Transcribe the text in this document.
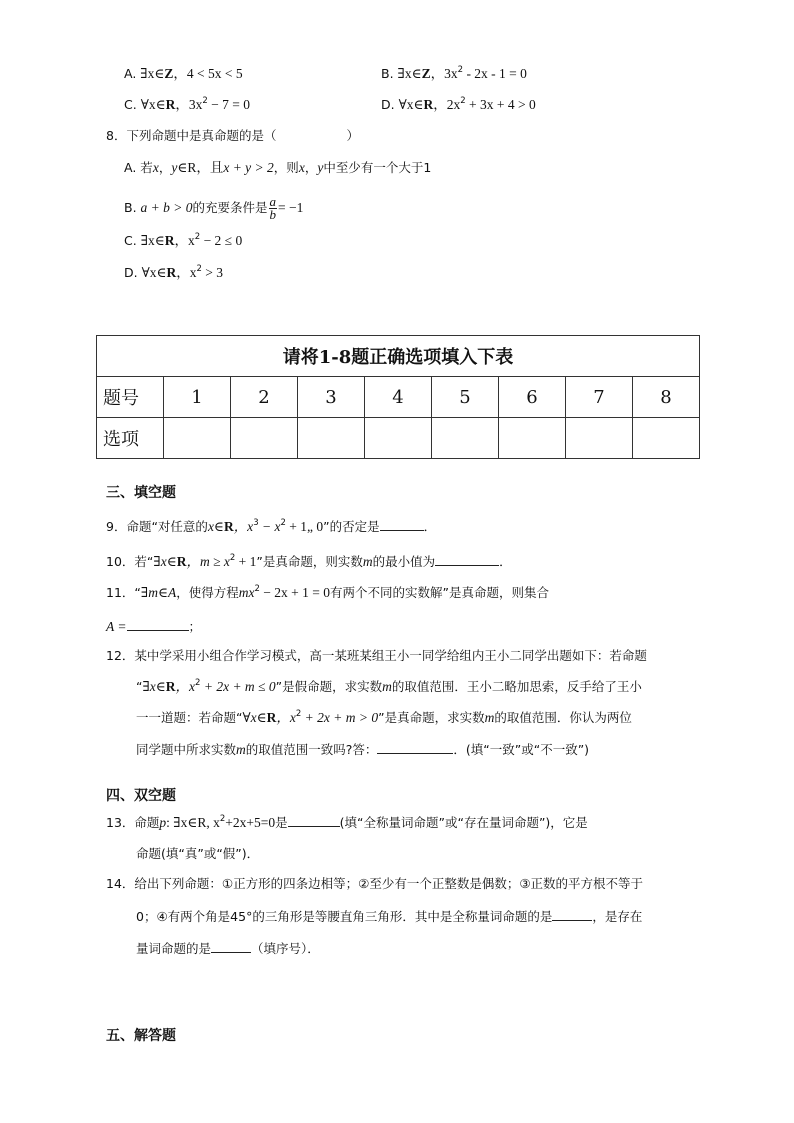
A. ∃x∈Z，4 < 5x < 5	B. ∃x∈Z，$3x^2 - 2x - 1 = 0$
C. ∀x∈R，$3x^2 - 7 = 0$	D. ∀x∈R，$2x^2 + 3x + 4 > 0$
8．下列命题中是真命题的是（	）
A. 若x，y∈R，且x + y > 2，则x，y中至少有一个大于1
B. a + b > 0的充要条件是 $\frac{a}{b} = -1$
C. ∃x∈R，$x^2 - 2 \le 0$
D. ∀x∈R，$x^2 > 3$
请将1-8题正确选项填入下表								
题号	1	2	3	4	5	6	7	8
选项								
三、填空题
9．命题“对任意的x∈R，$x^3 - x^2$ + 1„ 0”的否定是	．
10．若“∃x∈R，$m \ge x^2 + 1$”是真命题，则实数m的最小值为	．
11．“∃m∈A，使得方程$mx^2 - 2x + 1 = 0$有两个不同的实数解”是真命题，则集合
A =	；
12．某中学采用小组合作学习模式，高一某班某组王小一同学给组内王小二同学出题如下：若命题
“∃x∈R，$x^2 + 2x + m \le 0$”是假命题，求实数m的取值范围．王小二略加思索，反手给了王小
一一道题：若命题“∀x∈R，$x^2 + 2x + m > 0$”是真命题，求实数m的取值范围．你认为两位
同学题中所求实数m的取值范围一致吗?答：	．(填“一致”或“不一致”)
四、双空题
13．命题p: ∃x∈R, $x^2+2x+5=0$是	(填“全称量词命题”或“存在量词命题”)，它是
命题(填“真”或“假”)．
14．给出下列命题：①正方形的四条边相等；②至少有一个正整数是偶数；③正数的平方根不等于
0；④有两个角是45°的三角形是等腰直角三角形．其中是全称量词命题的是	，是存在
量词命题的是	（填序号）．
五、解答题
